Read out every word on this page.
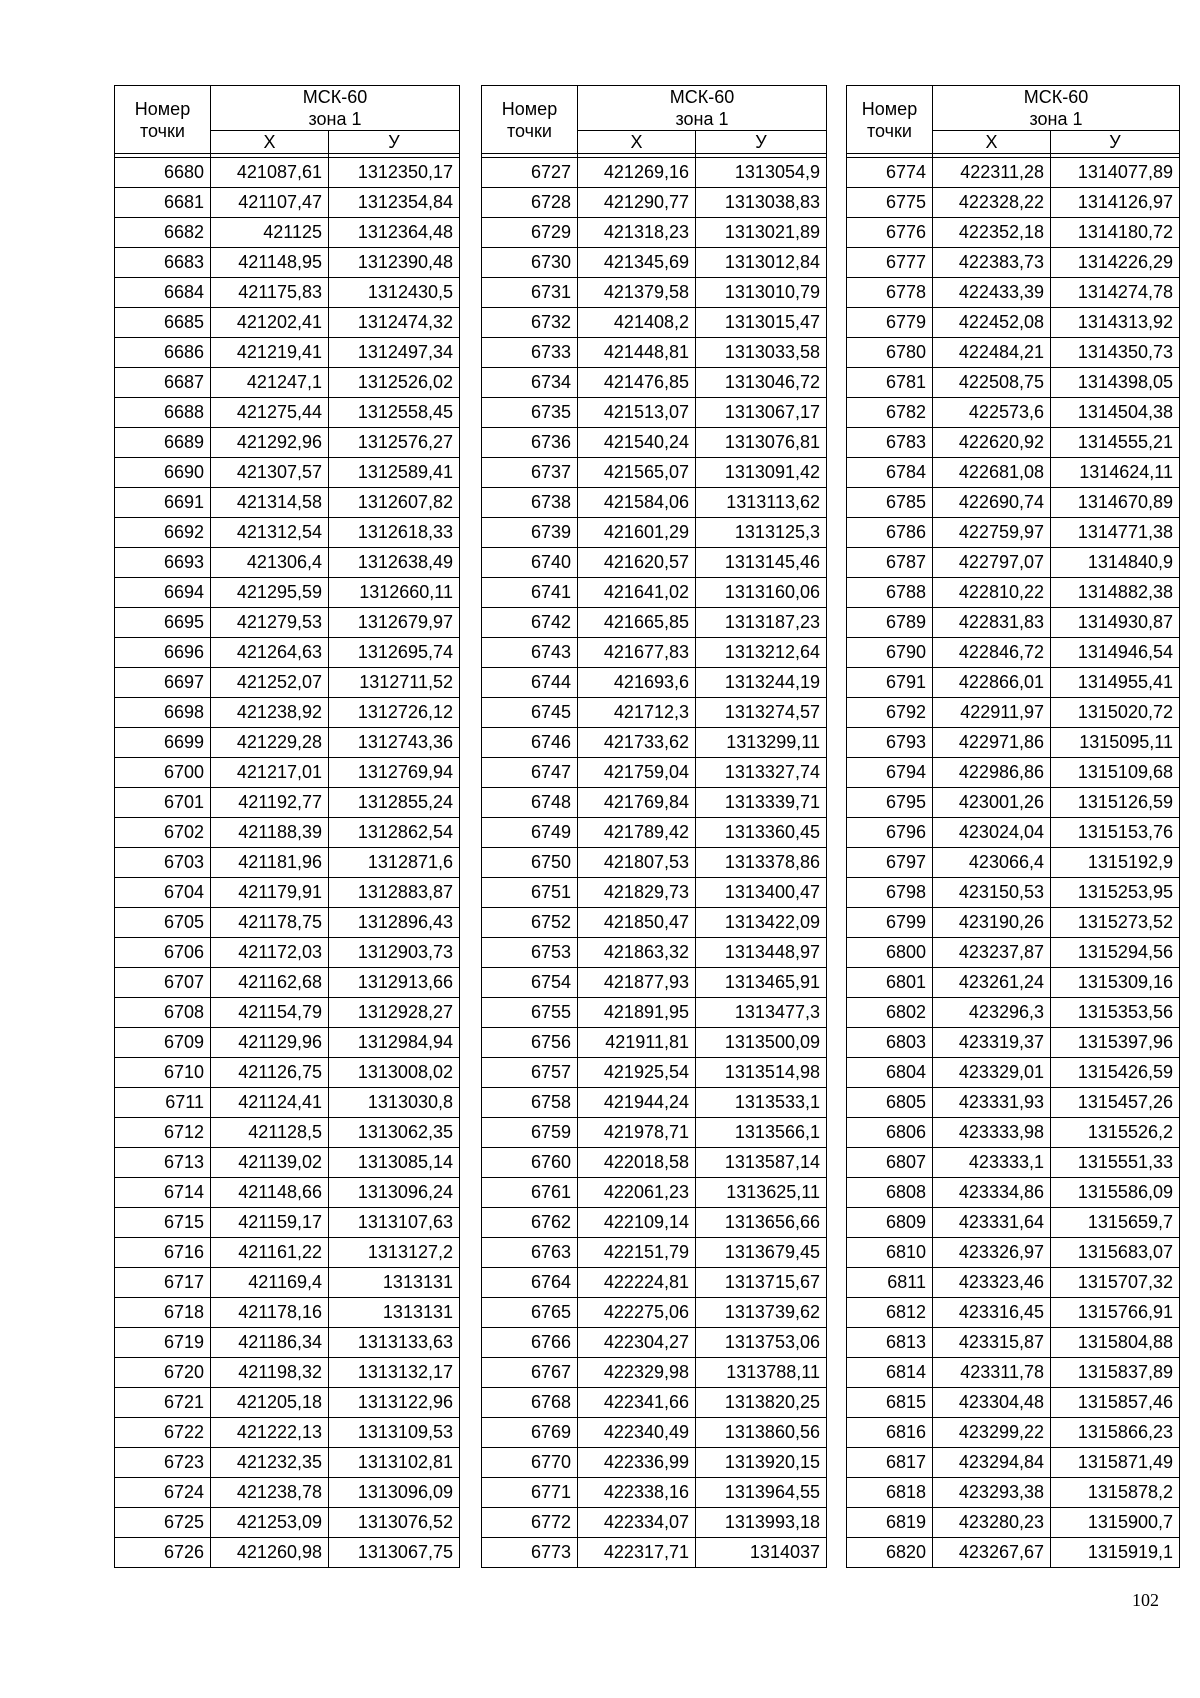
Номер точки	МСК-60
зона 1	

	X	У

6680	421087,61	1312350,17
6681	421107,47	1312354,84
6682	421125	1312364,48
6683	421148,95	1312390,48
6684	421175,83	1312430,5
6685	421202,41	1312474,32
6686	421219,41	1312497,34
6687	421247,1	1312526,02
6688	421275,44	1312558,45
6689	421292,96	1312576,27
6690	421307,57	1312589,41
6691	421314,58	1312607,82
6692	421312,54	1312618,33
6693	421306,4	1312638,49
6694	421295,59	1312660,11
6695	421279,53	1312679,97
6696	421264,63	1312695,74
6697	421252,07	1312711,52
6698	421238,92	1312726,12
6699	421229,28	1312743,36
6700	421217,01	1312769,94
6701	421192,77	1312855,24
6702	421188,39	1312862,54
6703	421181,96	1312871,6
6704	421179,91	1312883,87
6705	421178,75	1312896,43
6706	421172,03	1312903,73
6707	421162,68	1312913,66
6708	421154,79	1312928,27
6709	421129,96	1312984,94
6710	421126,75	1313008,02
6711	421124,41	1313030,8
6712	421128,5	1313062,35
6713	421139,02	1313085,14
6714	421148,66	1313096,24
6715	421159,17	1313107,63
6716	421161,22	1313127,2
6717	421169,4	1313131
6718	421178,16	1313131
6719	421186,34	1313133,63
6720	421198,32	1313132,17
6721	421205,18	1313122,96
6722	421222,13	1313109,53
6723	421232,35	1313102,81
6724	421238,78	1313096,09
6725	421253,09	1313076,52
6726	421260,98	1313067,75
Номер точки	МСК-60
зона 1	

	X	У

6727	421269,16	1313054,9
6728	421290,77	1313038,83
6729	421318,23	1313021,89
6730	421345,69	1313012,84
6731	421379,58	1313010,79
6732	421408,2	1313015,47
6733	421448,81	1313033,58
6734	421476,85	1313046,72
6735	421513,07	1313067,17
6736	421540,24	1313076,81
6737	421565,07	1313091,42
6738	421584,06	1313113,62
6739	421601,29	1313125,3
6740	421620,57	1313145,46
6741	421641,02	1313160,06
6742	421665,85	1313187,23
6743	421677,83	1313212,64
6744	421693,6	1313244,19
6745	421712,3	1313274,57
6746	421733,62	1313299,11
6747	421759,04	1313327,74
6748	421769,84	1313339,71
6749	421789,42	1313360,45
6750	421807,53	1313378,86
6751	421829,73	1313400,47
6752	421850,47	1313422,09
6753	421863,32	1313448,97
6754	421877,93	1313465,91
6755	421891,95	1313477,3
6756	421911,81	1313500,09
6757	421925,54	1313514,98
6758	421944,24	1313533,1
6759	421978,71	1313566,1
6760	422018,58	1313587,14
6761	422061,23	1313625,11
6762	422109,14	1313656,66
6763	422151,79	1313679,45
6764	422224,81	1313715,67
6765	422275,06	1313739,62
6766	422304,27	1313753,06
6767	422329,98	1313788,11
6768	422341,66	1313820,25
6769	422340,49	1313860,56
6770	422336,99	1313920,15
6771	422338,16	1313964,55
6772	422334,07	1313993,18
6773	422317,71	1314037
Номер точки	МСК-60
зона 1	

	X	У

6774	422311,28	1314077,89
6775	422328,22	1314126,97
6776	422352,18	1314180,72
6777	422383,73	1314226,29
6778	422433,39	1314274,78
6779	422452,08	1314313,92
6780	422484,21	1314350,73
6781	422508,75	1314398,05
6782	422573,6	1314504,38
6783	422620,92	1314555,21
6784	422681,08	1314624,11
6785	422690,74	1314670,89
6786	422759,97	1314771,38
6787	422797,07	1314840,9
6788	422810,22	1314882,38
6789	422831,83	1314930,87
6790	422846,72	1314946,54
6791	422866,01	1314955,41
6792	422911,97	1315020,72
6793	422971,86	1315095,11
6794	422986,86	1315109,68
6795	423001,26	1315126,59
6796	423024,04	1315153,76
6797	423066,4	1315192,9
6798	423150,53	1315253,95
6799	423190,26	1315273,52
6800	423237,87	1315294,56
6801	423261,24	1315309,16
6802	423296,3	1315353,56
6803	423319,37	1315397,96
6804	423329,01	1315426,59
6805	423331,93	1315457,26
6806	423333,98	1315526,2
6807	423333,1	1315551,33
6808	423334,86	1315586,09
6809	423331,64	1315659,7
6810	423326,97	1315683,07
6811	423323,46	1315707,32
6812	423316,45	1315766,91
6813	423315,87	1315804,88
6814	423311,78	1315837,89
6815	423304,48	1315857,46
6816	423299,22	1315866,23
6817	423294,84	1315871,49
6818	423293,38	1315878,2
6819	423280,23	1315900,7
6820	423267,67	1315919,1
102
